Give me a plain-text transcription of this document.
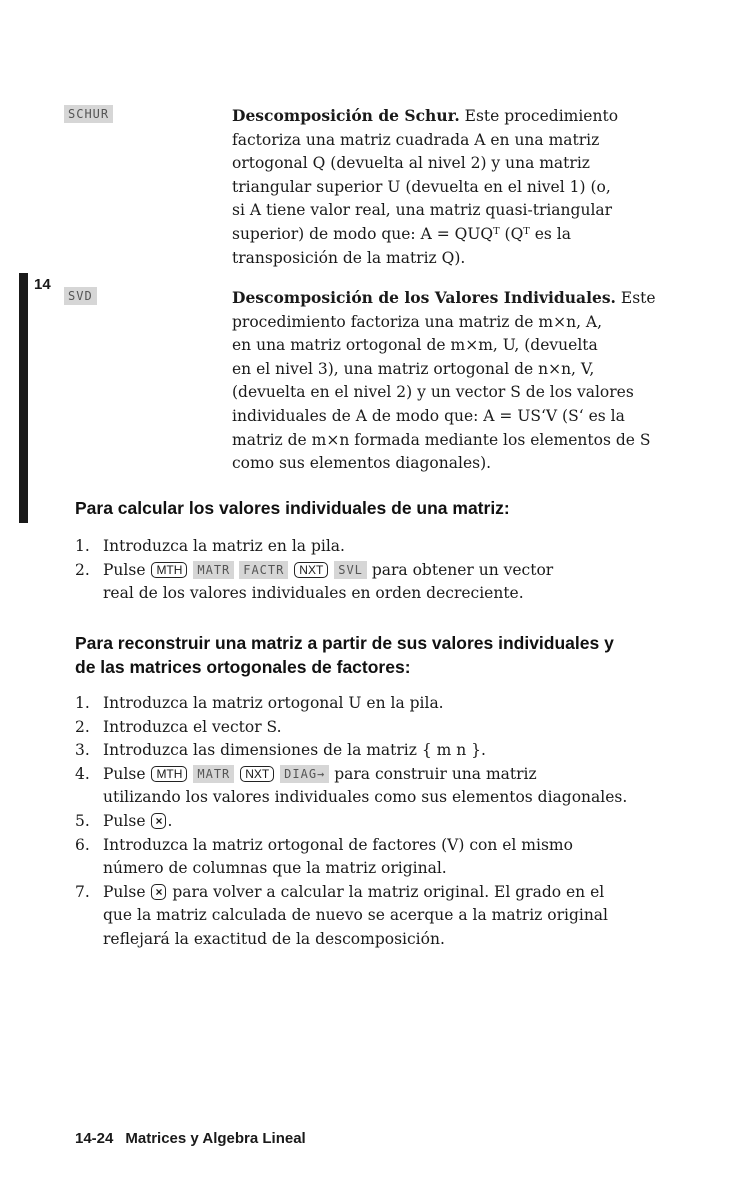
14
SCHUR	Descomposición de Schur. Este procedimiento
factoriza una matriz cuadrada A en una matriz
ortogonal Q (devuelta al nivel 2) y una matriz
triangular superior U (devuelta en el nivel 1) (o,
si A tiene valor real, una matriz quasi-triangular
superior) de modo que: A = QUQᵀ (Qᵀ es la
transposición de la matriz Q).
SVD	Descomposición de los Valores Individuales. Este
procedimiento factoriza una matriz de m×n, A,
en una matriz ortogonal de m×m, U, (devuelta
en el nivel 3), una matriz ortogonal de n×n, V,
(devuelta en el nivel 2) y un vector S de los valores
individuales de A de modo que: A = US‘V (S‘ es la
matriz de m×n formada mediante los elementos de S
como sus elementos diagonales).
Para calcular los valores individuales de una matriz:
1. Introduzca la matriz en la pila.
2. Pulse MTH MATR FACTR NXT SVL para obtener un vector
real de los valores individuales en orden decreciente.
Para reconstruir una matriz a partir de sus valores individuales y
de las matrices ortogonales de factores:
1. Introduzca la matriz ortogonal U en la pila.
2. Introduzca el vector S.
3. Introduzca las dimensiones de la matriz { m n }.
4. Pulse MTH MATR NXT DIAG→ para construir una matriz
utilizando los valores individuales como sus elementos diagonales.
5. Pulse × .
6. Introduzca la matriz ortogonal de factores (V) con el mismo
número de columnas que la matriz original.
7. Pulse × para volver a calcular la matriz original. El grado en el
que la matriz calculada de nuevo se acerque a la matriz original
reflejará la exactitud de la descomposición.
14-24 Matrices y Algebra Lineal
